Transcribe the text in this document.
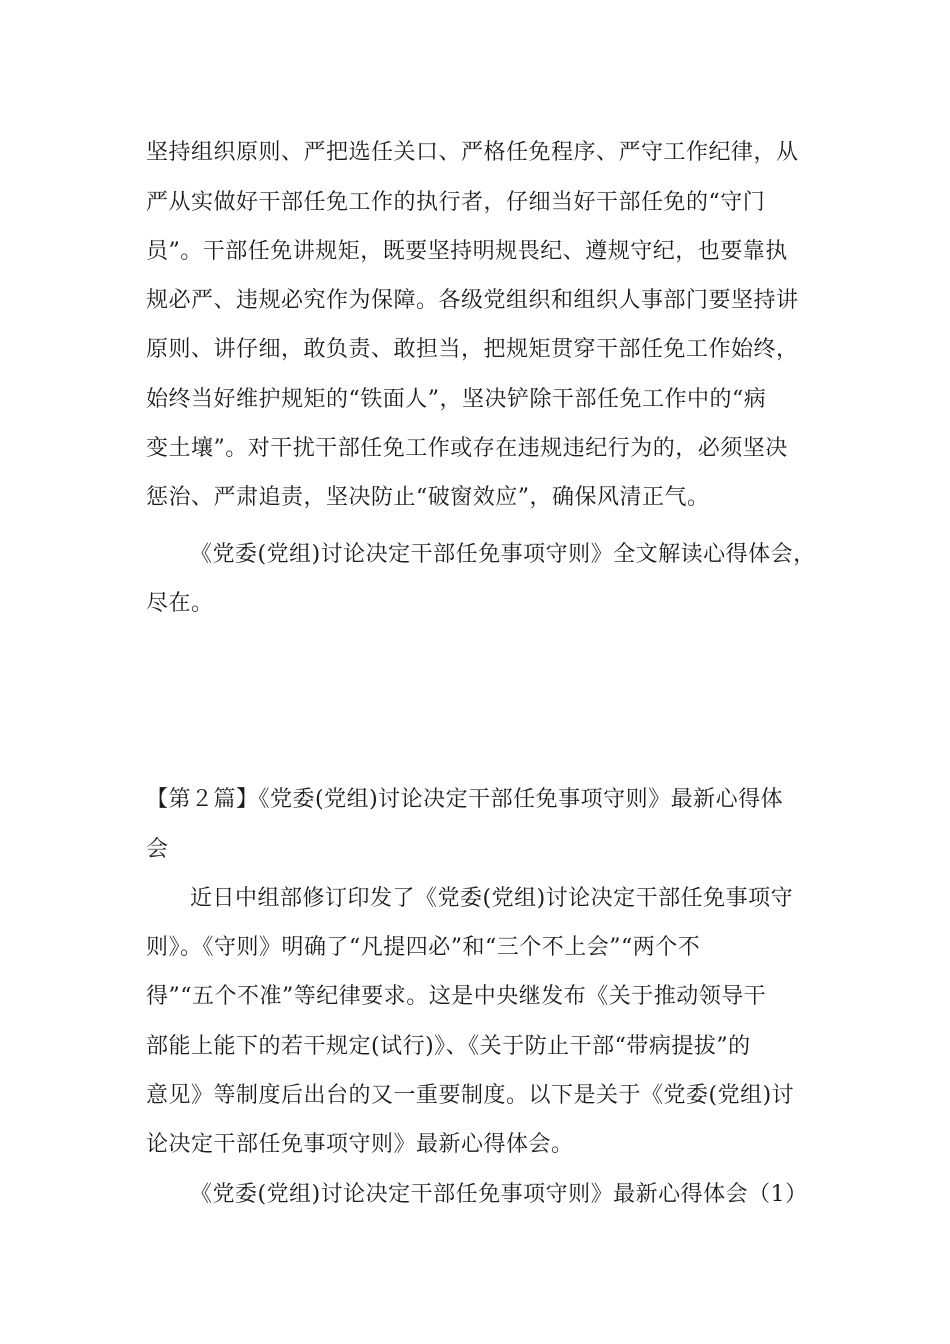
坚持组织原则、严把选任关口、严格任免程序、严守工作纪律，从
严从实做好干部任免工作的执行者，仔细当好干部任免的“守门
员”。干部任免讲规矩，既要坚持明规畏纪、遵规守纪，也要靠执
规必严、违规必究作为保障。各级党组织和组织人事部门要坚持讲
原则、讲仔细，敢负责、敢担当，把规矩贯穿干部任免工作始终，
始终当好维护规矩的“铁面人”，坚决铲除干部任免工作中的“病
变土壤”。对干扰干部任免工作或存在违规违纪行为的，必须坚决
惩治、严肃追责，坚决防止“破窗效应”，确保风清正气。
《党委(党组)讨论决定干部任免事项守则》全文解读心得体会，
尽在。
【第２篇】《党委(党组)讨论决定干部任免事项守则》最新心得体
会
近日中组部修订印发了《党委(党组)讨论决定干部任免事项守
则》。《守则》明确了“凡提四必”和“三个不上会”“两个不
得”“五个不准”等纪律要求。这是中央继发布《关于推动领导干
部能上能下的若干规定(试行)》、《关于防止干部“带病提拔”的
意见》等制度后出台的又一重要制度。以下是关于《党委(党组)讨
论决定干部任免事项守则》最新心得体会。
《党委(党组)讨论决定干部任免事项守则》最新心得体会（1）
